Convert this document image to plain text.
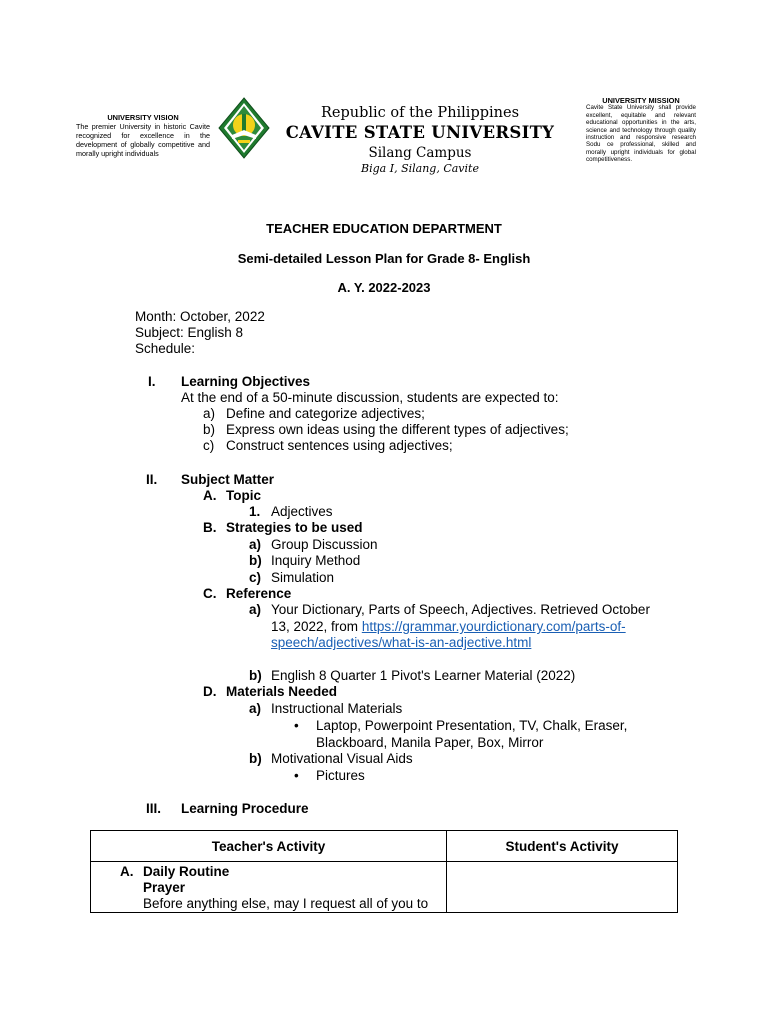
UNIVERSITY VISION
The premier University in historic Cavite recognized for excellence in the development of globally competitive and morally upright individuals
Republic of the Philippines
CAVITE STATE UNIVERSITY
Silang Campus
Biga I, Silang, Cavite
UNIVERSITY MISSION
Cavite State University shall provide excellent, equitable and relevant educational opportunities in the arts, science and technology through quality instruction and responsive research Sodu ce professional, skilled and morally upright individuals for global competitiveness.
TEACHER EDUCATION DEPARTMENT
Semi-detailed Lesson Plan for Grade 8- English
A. Y. 2022-2023
Month: October, 2022
Subject: English 8
Schedule:
I. Learning Objectives
At the end of a 50-minute discussion, students are expected to:
a) Define and categorize adjectives;
b) Express own ideas using the different types of adjectives;
c) Construct sentences using adjectives;
II. Subject Matter
A. Topic
1. Adjectives
B. Strategies to be used
a) Group Discussion
b) Inquiry Method
c) Simulation
C. Reference
a) Your Dictionary, Parts of Speech, Adjectives. Retrieved October
13, 2022, from https://grammar.yourdictionary.com/parts-of-
speech/adjectives/what-is-an-adjective.html
b) English 8 Quarter 1 Pivot's Learner Material (2022)
D. Materials Needed
a) Instructional Materials
• Laptop, Powerpoint Presentation, TV, Chalk, Eraser,
Blackboard, Manila Paper, Box, Mirror
b) Motivational Visual Aids
• Pictures
III. Learning Procedure
Teacher's Activity	Student's Activity

A. Daily Routine
Prayer
Before anything else, may I request all of you to	
